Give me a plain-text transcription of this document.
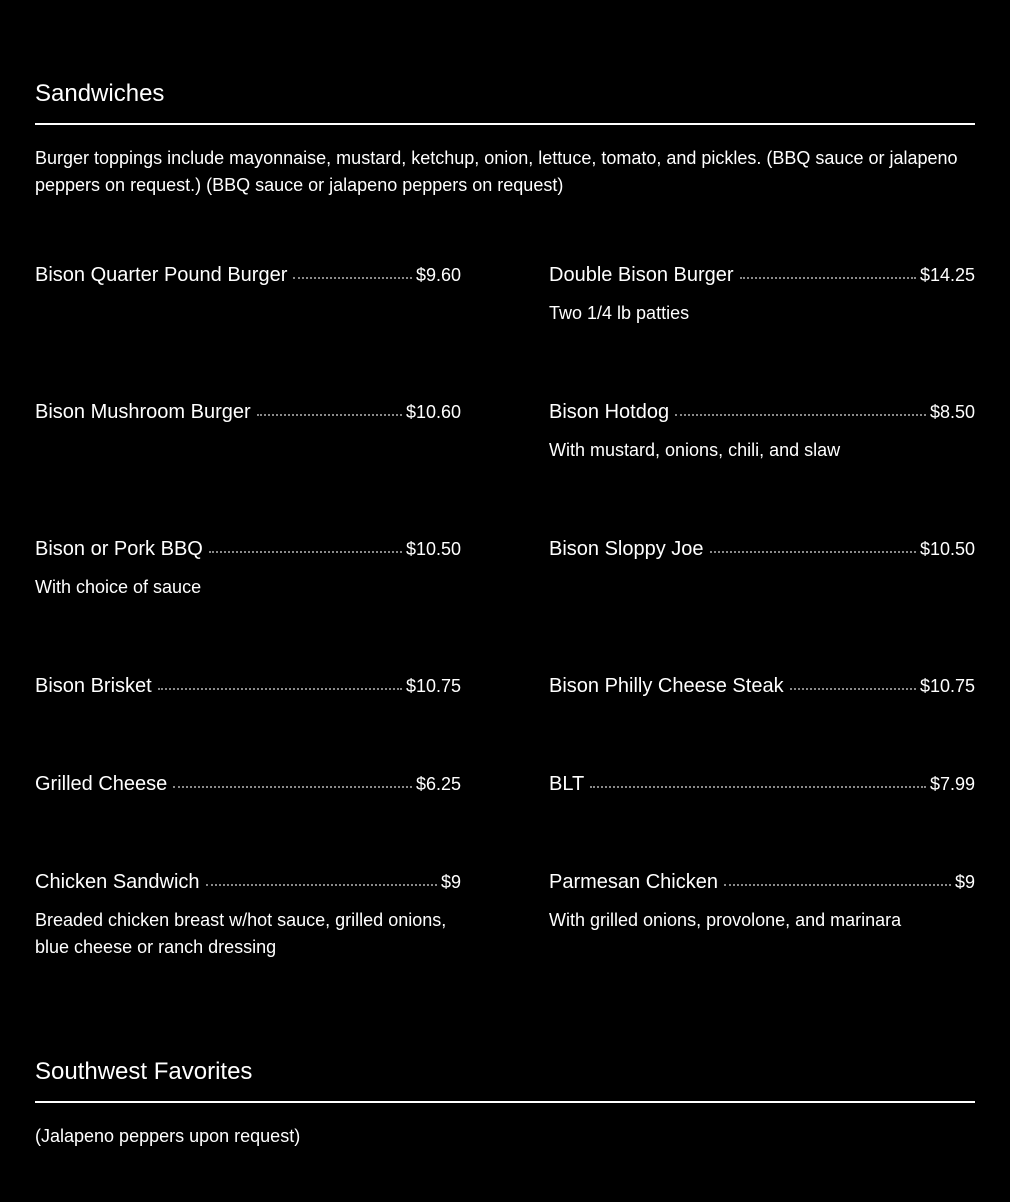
Sandwiches

Burger toppings include mayonnaise, mustard, ketchup, onion, lettuce, tomato, and pickles. (BBQ sauce or jalapeno peppers on request.) (BBQ sauce or jalapeno peppers on request)

Bison Quarter Pound Burger	$9.60	Double Bison Burger	$14.25

Two 1/4 lb patties

Bison Mushroom Burger	$10.60	Bison Hotdog	$8.50

With mustard, onions, chili, and slaw

Bison or Pork BBQ	$10.50

With choice of sauce

Bison Sloppy Joe	$10.50
Bison Brisket	$10.75	Bison Philly Cheese Steak	$10.75
Grilled Cheese	$6.25	BLT	$7.99
Chicken Sandwich	$9

Breaded chicken breast w/hot sauce, grilled onions, blue cheese or ranch dressing

Parmesan Chicken	$9

With grilled onions, provolone, and marinara

Southwest Favorites

(Jalapeno peppers upon request)
